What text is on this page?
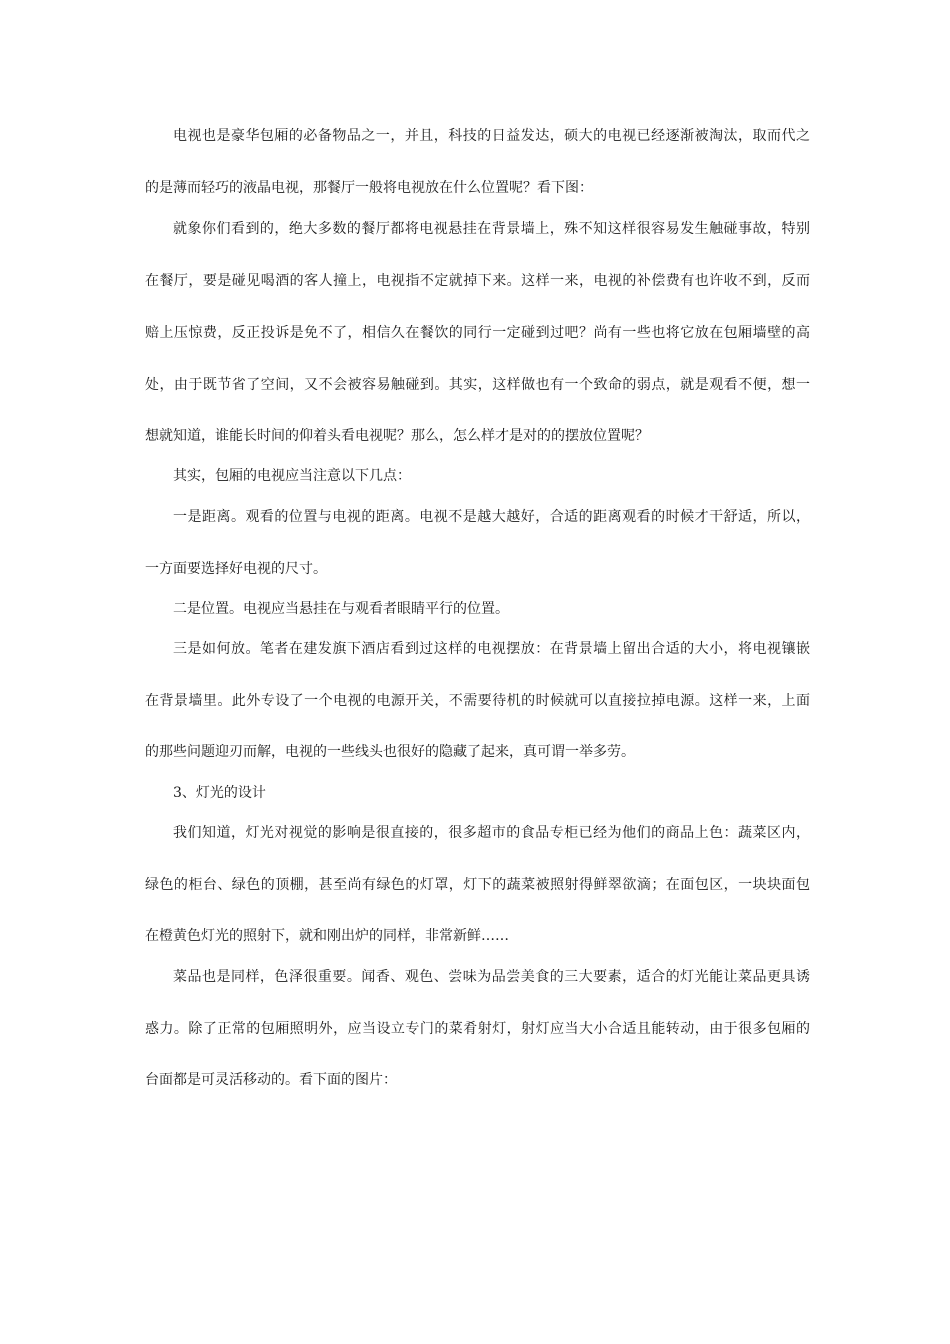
电视也是豪华包厢的必备物品之一，并且，科技的日益发达，硕大的电视已经逐渐被淘汰，取而代之
的是薄而轻巧的液晶电视，那餐厅一般将电视放在什么位置呢？看下图：
就象你们看到的，绝大多数的餐厅都将电视悬挂在背景墙上，殊不知这样很容易发生触碰事故，特别
在餐厅，要是碰见喝酒的客人撞上，电视指不定就掉下来。这样一来，电视的补偿费有也许收不到，反而
赔上压惊费，反正投诉是免不了，相信久在餐饮的同行一定碰到过吧？尚有一些也将它放在包厢墙壁的高
处，由于既节省了空间，又不会被容易触碰到。其实，这样做也有一个致命的弱点，就是观看不便，想一
想就知道，谁能长时间的仰着头看电视呢？那么，怎么样才是对的的摆放位置呢？
其实，包厢的电视应当注意以下几点：
一是距离。观看的位置与电视的距离。电视不是越大越好，合适的距离观看的时候才干舒适，所以，
一方面要选择好电视的尺寸。
二是位置。电视应当悬挂在与观看者眼睛平行的位置。
三是如何放。笔者在建发旗下酒店看到过这样的电视摆放：在背景墙上留出合适的大小，将电视镶嵌
在背景墙里。此外专设了一个电视的电源开关，不需要待机的时候就可以直接拉掉电源。这样一来，上面
的那些问题迎刃而解，电视的一些线头也很好的隐藏了起来，真可谓一举多劳。
3、灯光的设计
我们知道，灯光对视觉的影响是很直接的，很多超市的食品专柜已经为他们的商品上色：蔬菜区内，
绿色的柜台、绿色的顶棚，甚至尚有绿色的灯罩，灯下的蔬菜被照射得鲜翠欲滴；在面包区，一块块面包
在橙黄色灯光的照射下，就和刚出炉的同样，非常新鲜……
菜品也是同样，色泽很重要。闻香、观色、尝味为品尝美食的三大要素，适合的灯光能让菜品更具诱
惑力。除了正常的包厢照明外，应当设立专门的菜肴射灯，射灯应当大小合适且能转动，由于很多包厢的
台面都是可灵活移动的。看下面的图片：
